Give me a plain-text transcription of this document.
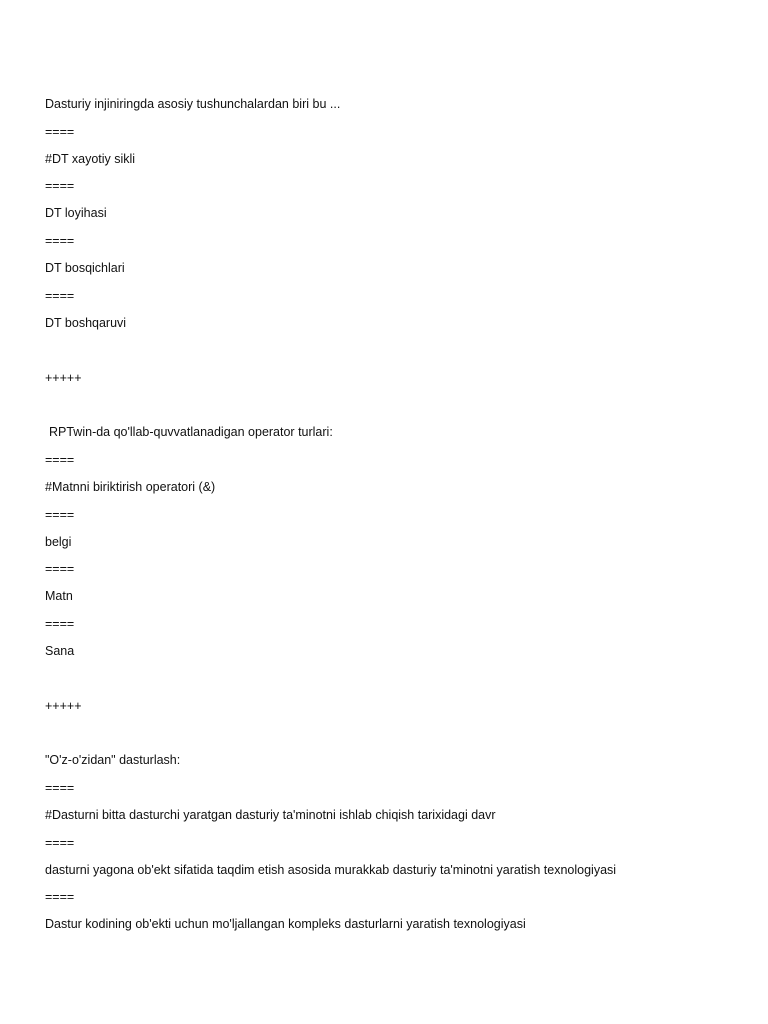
Dasturiy injiniringda asosiy tushunchalardan biri bu ...
====
#DT xayotiy sikli
====
DT loyihasi
====
DT bosqichlari
====
DT boshqaruvi
+++++
RPTwin-da qo'llab-quvvatlanadigan operator turlari:
====
#Matnni biriktirish operatori (&)
====
belgi
====
Matn
====
Sana
+++++
"O'z-o'zidan" dasturlash:
====
#Dasturni bitta dasturchi yaratgan dasturiy ta'minotni ishlab chiqish tarixidagi davr
====
dasturni yagona ob'ekt sifatida taqdim etish asosida murakkab dasturiy ta'minotni yaratish texnologiyasi
====
Dastur kodining ob'ekti uchun mo'ljallangan kompleks dasturlarni yaratish texnologiyasi
